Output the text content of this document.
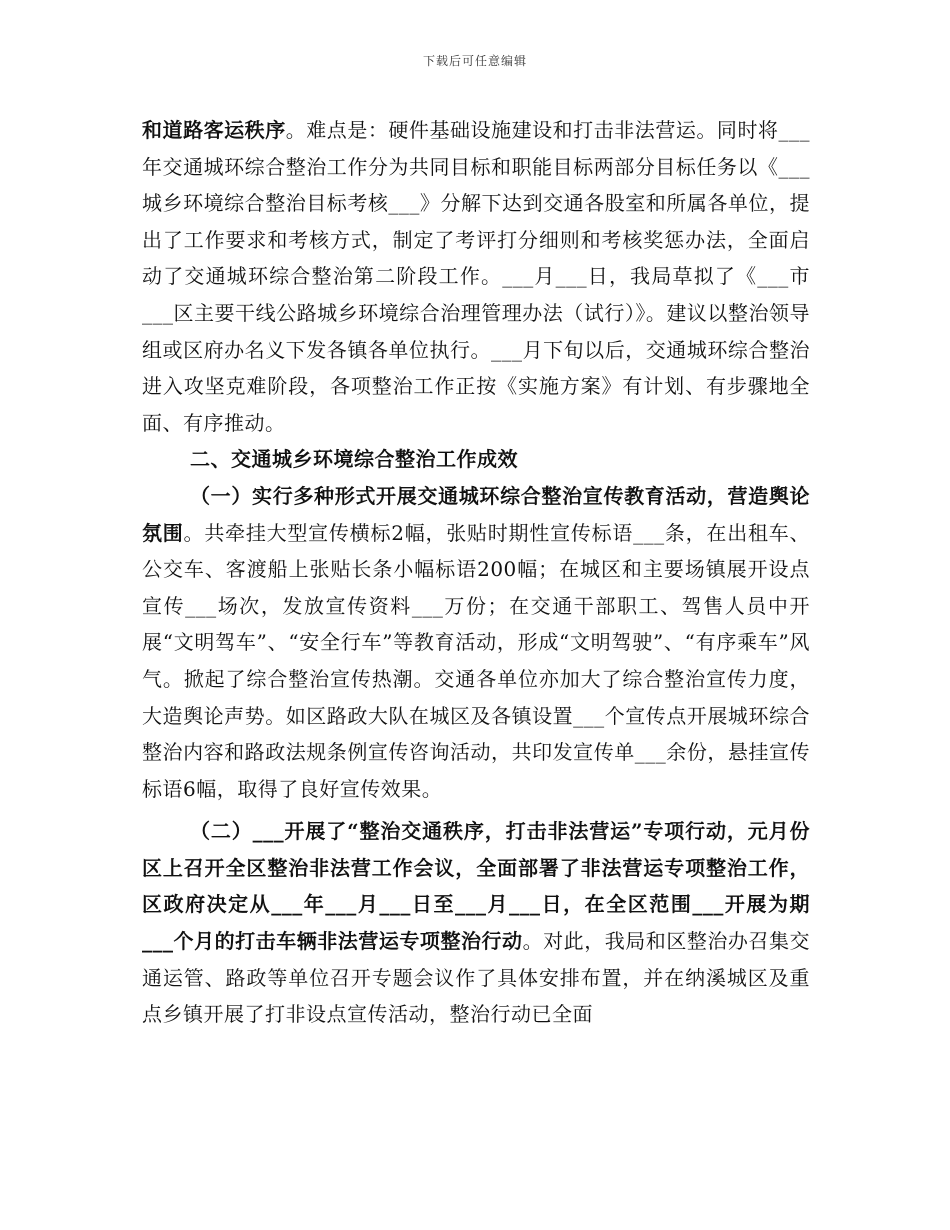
下载后可任意编辑

和道路客运秩序。难点是：硬件基础设施建设和打击非法营运。同时将___年交通城环综合整治工作分为共同目标和职能目标两部分目标任务以《___城乡环境综合整治目标考核___》分解下达到交通各股室和所属各单位，提出了工作要求和考核方式，制定了考评打分细则和考核奖惩办法，全面启动了交通城环综合整治第二阶段工作。___月___日，我局草拟了《___市___区主要干线公路城乡环境综合治理管理办法（试行）》。建议以整治领导组或区府办名义下发各镇各单位执行。___月下旬以后，交通城环综合整治进入攻坚克难阶段，各项整治工作正按《实施方案》有计划、有步骤地全面、有序推动。

二、交通城乡环境综合整治工作成效

（一）实行多种形式开展交通城环综合整治宣传教育活动，营造舆论氛围。共牵挂大型宣传横标2幅，张贴时期性宣传标语___条，在出租车、公交车、客渡船上张贴长条小幅标语200幅；在城区和主要场镇展开设点宣传___场次，发放宣传资料___万份；在交通干部职工、驾售人员中开展“文明驾车”、“安全行车”等教育活动，形成“文明驾驶”、“有序乘车”风气。掀起了综合整治宣传热潮。交通各单位亦加大了综合整治宣传力度，大造舆论声势。如区路政大队在城区及各镇设置___个宣传点开展城环综合整治内容和路政法规条例宣传咨询活动，共印发宣传单___余份，悬挂宣传标语6幅，取得了良好宣传效果。

（二）___开展了“整治交通秩序，打击非法营运”专项行动，元月份区上召开全区整治非法营工作会议，全面部署了非法营运专项整治工作，区政府决定从___年___月___日至___月___日，在全区范围___开展为期___个月的打击车辆非法营运专项整治行动。对此，我局和区整治办召集交通运管、路政等单位召开专题会议作了具体安排布置，并在纳溪城区及重点乡镇开展了打非设点宣传活动，整治行动已全面
